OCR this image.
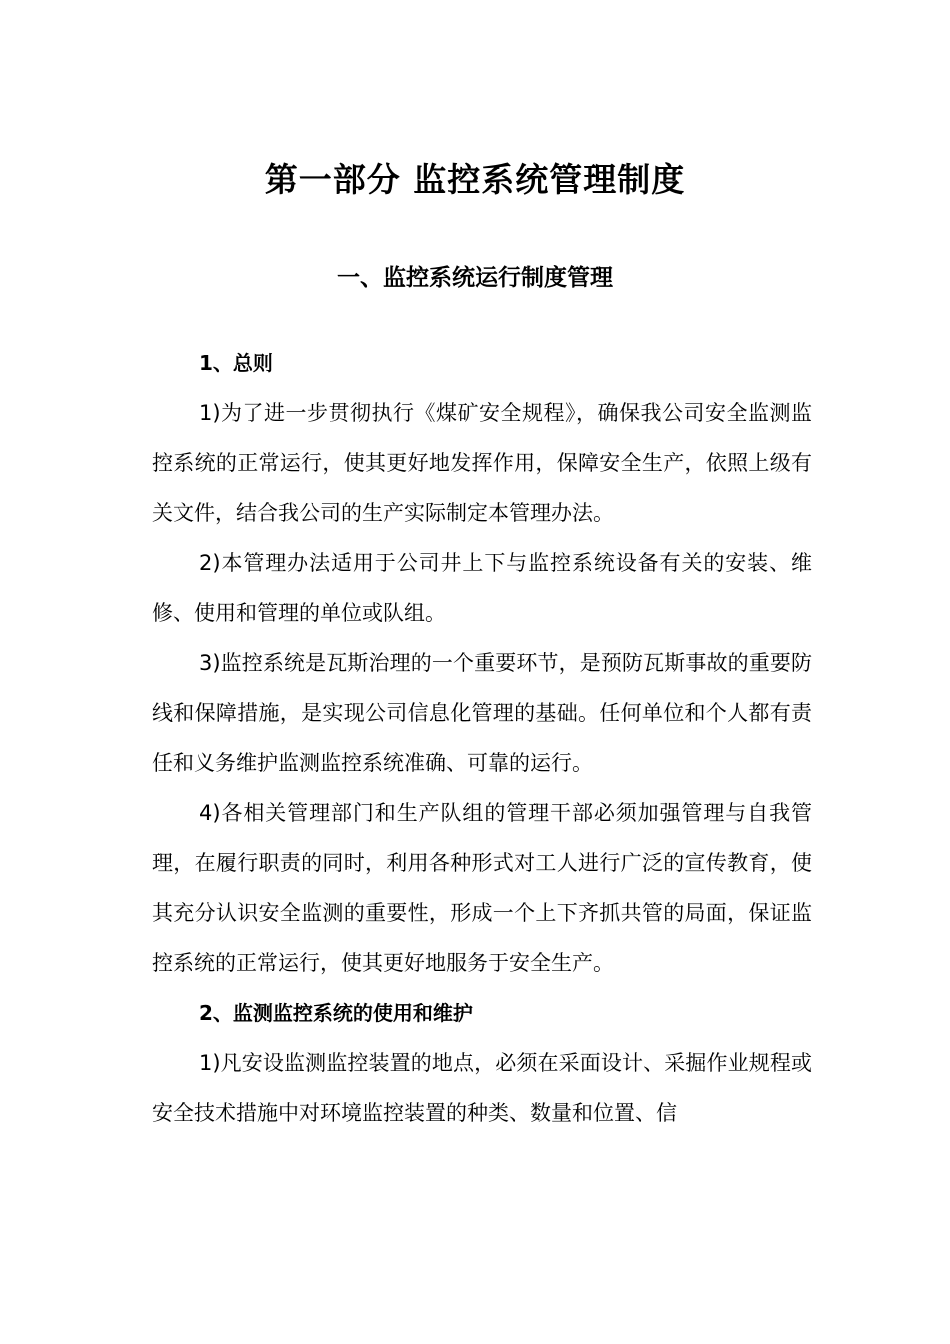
第一部分 监控系统管理制度
一、监控系统运行制度管理
1、总则

1)为了进一步贯彻执行《煤矿安全规程》，确保我公司安全监测监控系统的正常运行，使其更好地发挥作用，保障安全生产，依照上级有关文件，结合我公司的生产实际制定本管理办法。

2)本管理办法适用于公司井上下与监控系统设备有关的安装、维修、使用和管理的单位或队组。

3)监控系统是瓦斯治理的一个重要环节，是预防瓦斯事故的重要防线和保障措施，是实现公司信息化管理的基础。任何单位和个人都有责任和义务维护监测监控系统准确、可靠的运行。

4)各相关管理部门和生产队组的管理干部必须加强管理与自我管理，在履行职责的同时，利用各种形式对工人进行广泛的宣传教育，使其充分认识安全监测的重要性，形成一个上下齐抓共管的局面，保证监控系统的正常运行，使其更好地服务于安全生产。

2、监测监控系统的使用和维护

1)凡安设监测监控装置的地点，必须在采面设计、采掘作业规程或安全技术措施中对环境监控装置的种类、数量和位置、信
